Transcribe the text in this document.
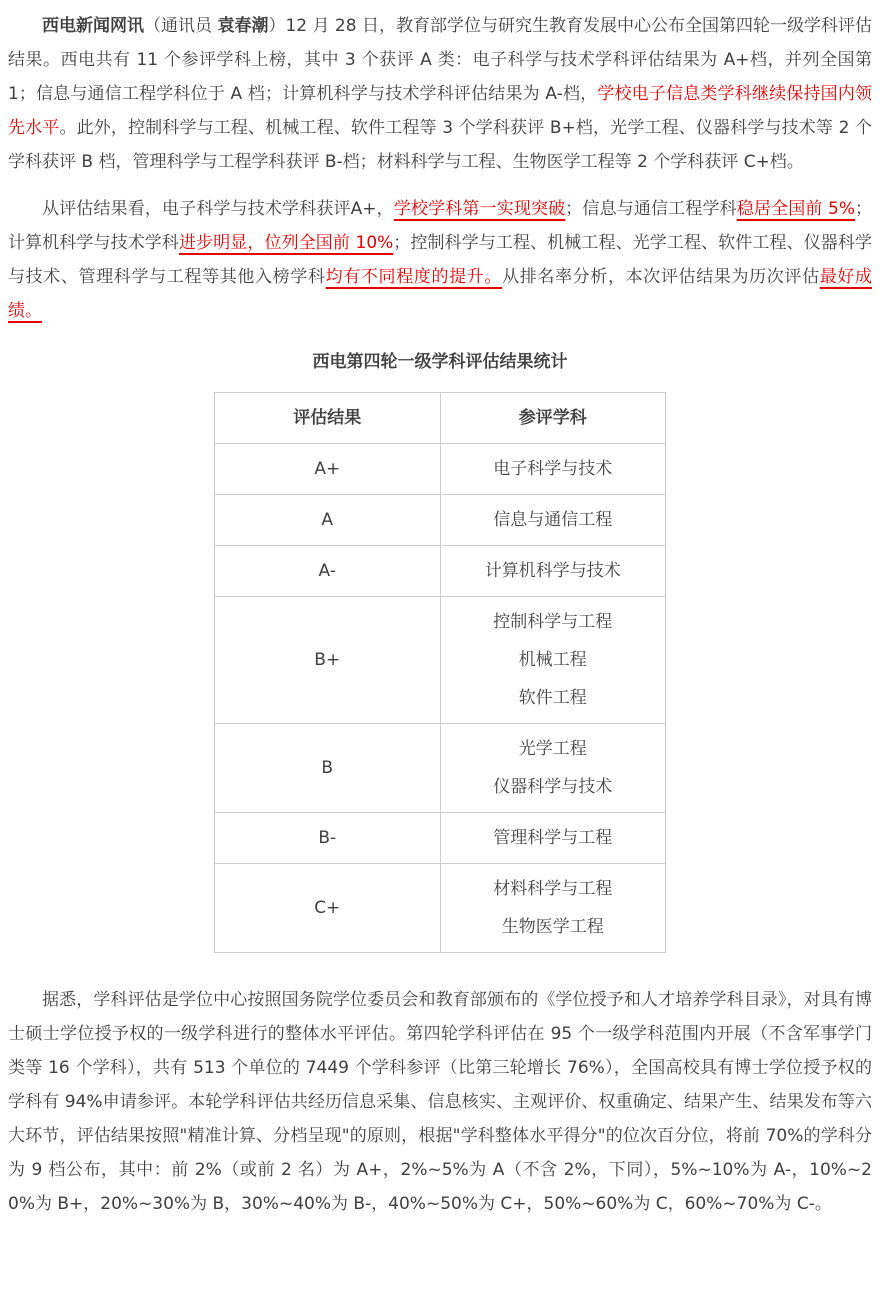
西电新闻网讯（通讯员 袁春潮）12 月 28 日，教育部学位与研究生教育发展中心公布全国第四轮一级学科评估结果。西电共有 11 个参评学科上榜，其中 3 个获评 A 类：电子科学与技术学科评估结果为 A+档，并列全国第 1；信息与通信工程学科位于 A 档；计算机科学与技术学科评估结果为 A-档，学校电子信息类学科继续保持国内领先水平。此外，控制科学与工程、机械工程、软件工程等 3 个学科获评 B+档，光学工程、仪器科学与技术等 2 个学科获评 B 档，管理科学与工程学科获评 B-档；材料科学与工程、生物医学工程等 2 个学科获评 C+档。

从评估结果看，电子科学与技术学科获评A+，学校学科第一实现突破；信息与通信工程学科稳居全国前 5%；计算机科学与技术学科进步明显，位列全国前 10%；控制科学与工程、机械工程、光学工程、软件工程、仪器科学与技术、管理科学与工程等其他入榜学科均有不同程度的提升。从排名率分析，本次评估结果为历次评估最好成绩。

西电第四轮一级学科评估结果统计
评估结果	参评学科
A+	电子科学与技术

A	信息与通信工程

A-	计算机科学与技术

B+	控制科学与工程
机械工程
软件工程

B	光学工程
仪器科学与技术

B-	管理科学与工程

C+	材料科学与工程
生物医学工程

据悉，学科评估是学位中心按照国务院学位委员会和教育部颁布的《学位授予和人才培养学科目录》，对具有博士硕士学位授予权的一级学科进行的整体水平评估。第四轮学科评估在 95 个一级学科范围内开展（不含军事学门类等 16 个学科），共有 513 个单位的 7449 个学科参评（比第三轮增长 76%），全国高校具有博士学位授予权的学科有 94%申请参评。本轮学科评估共经历信息采集、信息核实、主观评价、权重确定、结果产生、结果发布等六大环节，评估结果按照"精准计算、分档呈现"的原则，根据"学科整体水平得分"的位次百分位，将前 70%的学科分为 9 档公布，其中：前 2%（或前 2 名）为 A+，2%~5%为 A（不含 2%，下同），5%~10%为 A-，10%~20%为 B+，20%~30%为 B，30%~40%为 B-，40%~50%为 C+，50%~60%为 C，60%~70%为 C-。
